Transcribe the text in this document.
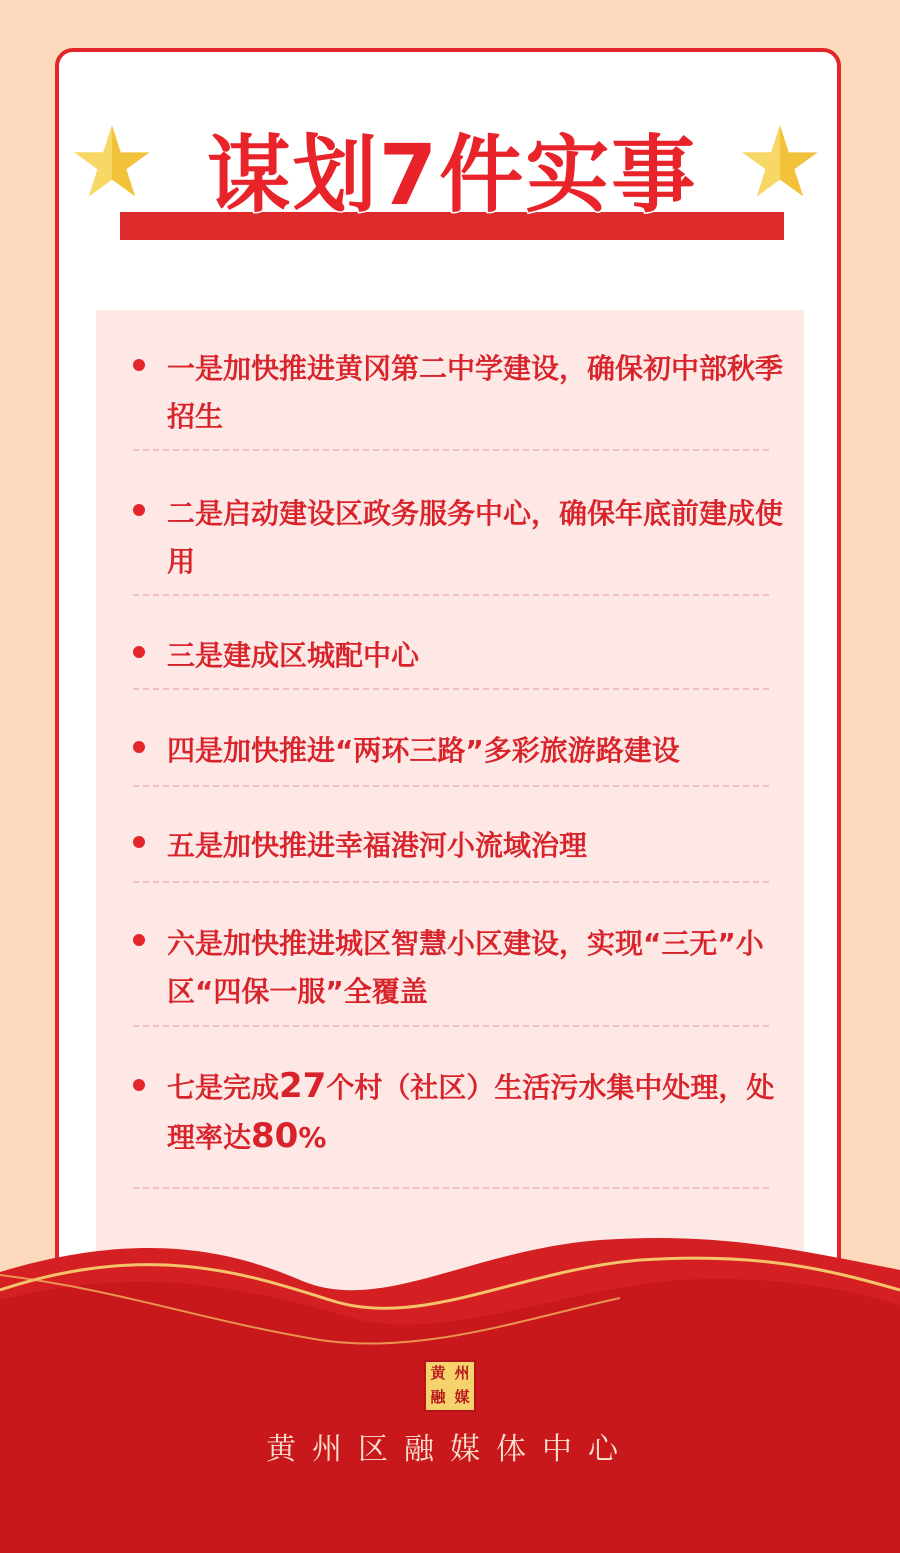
谋划7件实事
一是加快推进黄冈第二中学建设，确保初中部秋季招生
二是启动建设区政务服务中心，确保年底前建成使用
三是建成区城配中心
四是加快推进“两环三路”多彩旅游路建设
五是加快推进幸福港河小流域治理
六是加快推进城区智慧小区建设，实现“三无”小区“四保一服”全覆盖
七是完成27个村（社区）生活污水集中处理，处理率达80%
黄 州
融 媒
黄州区融媒体中心
